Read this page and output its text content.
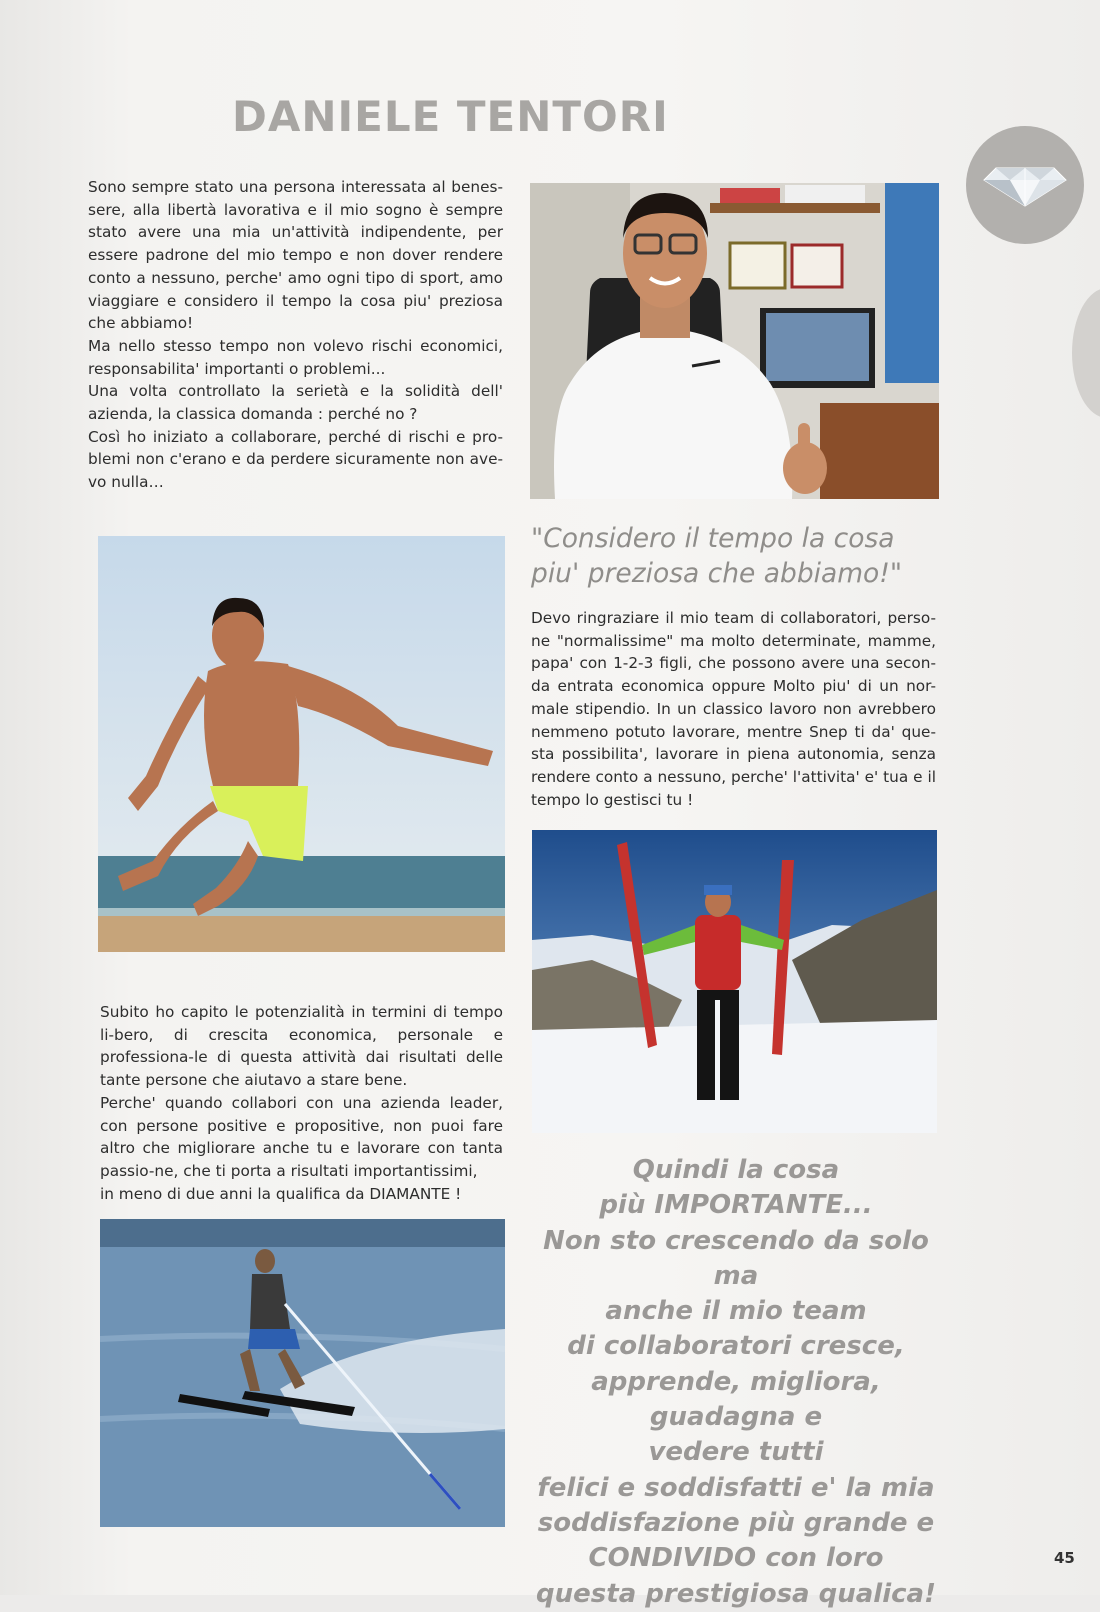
DANIELE TENTORI

Sono sempre stato una persona interessata al benes-sere, alla libertà lavorativa e il mio sogno è sempre stato avere una mia un'attività indipendente, per essere padrone del mio tempo e non dover rendere conto a nessuno, perche' amo ogni tipo di sport, amo viaggiare e considero il tempo la cosa piu' preziosa che abbiamo!

Ma nello stesso tempo non volevo rischi economici, responsabilita' importanti o problemi...

Una volta controllato la serietà e la solidità dell' azienda, la classica domanda : perché no ?

Così ho iniziato a collaborare, perché di rischi e pro-blemi non c'erano e da perdere sicuramente non ave-vo nulla…

"Considero il tempo la cosa piu' preziosa che abbiamo!"

Devo ringraziare il mio team di collaboratori, perso-ne "normalissime" ma molto determinate, mamme, papa' con 1-2-3 figli, che possono avere una secon-da entrata economica oppure Molto piu' di un nor-male stipendio. In un classico lavoro non avrebbero nemmeno potuto lavorare, mentre Snep ti da' que-sta possibilita', lavorare in piena autonomia, senza rendere conto a nessuno, perche' l'attivita' e' tua e il tempo lo gestisci tu !

Subito ho capito le potenzialità in termini di tempo li-bero, di crescita economica, personale e professiona-le di questa attività dai risultati delle tante persone che aiutavo a stare bene.

Perche' quando collabori con una azienda leader, con persone positive e propositive, non puoi fare altro che migliorare anche tu e lavorare con tanta passio-ne, che ti porta a risultati importantissimi,

in meno di due anni la qualifica da DIAMANTE !

Quindi la cosa
più IMPORTANTE...
Non sto crescendo da solo ma
anche il mio team
di collaboratori cresce,
apprende, migliora, guadagna e
vedere tutti
felici e soddisfatti e' la mia
soddisfazione più grande e
CONDIVIDO con loro
questa prestigiosa qualica!
45
